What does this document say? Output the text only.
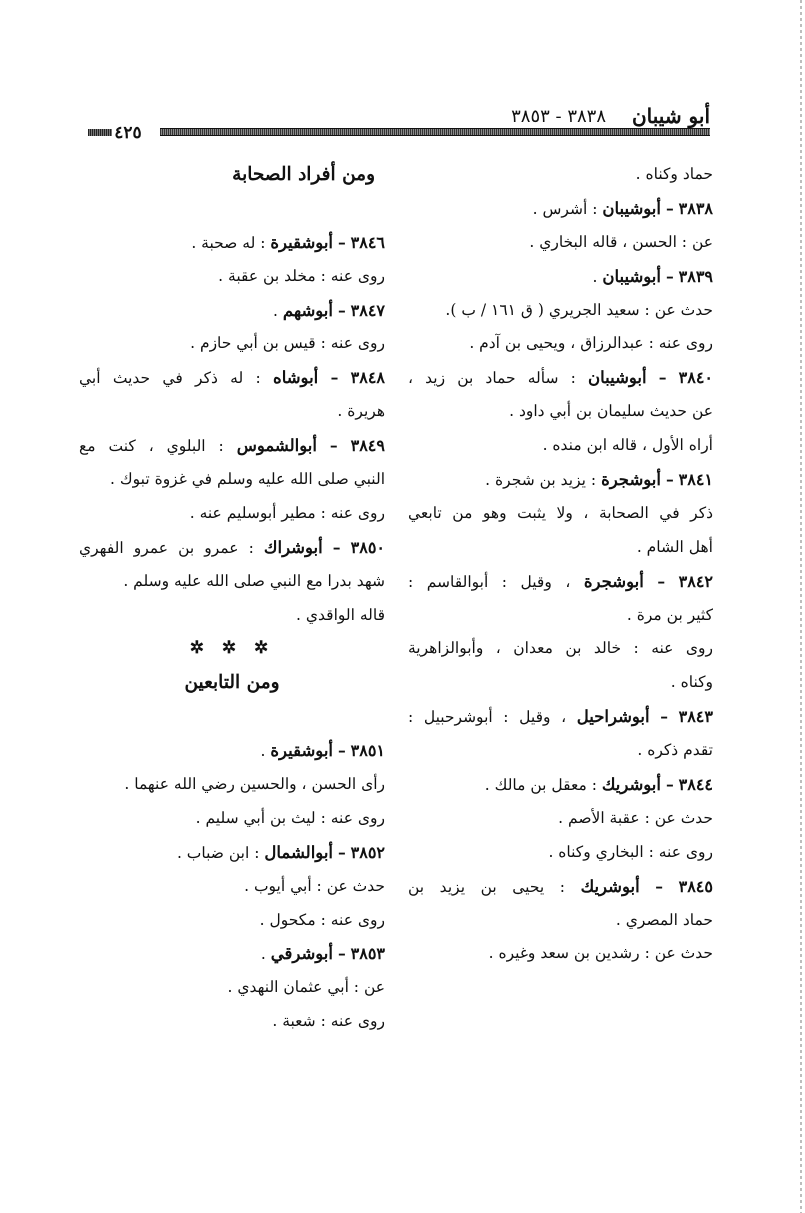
أبو شيبان
٣٨٣٨ - ٣٨٥٣
٤٢٥
حماد وكناه .
٣٨٣٨ – أبوشيبان : أشرس .
عن : الحسن ، قاله البخاري .
٣٨٣٩ – أبوشيبان .
حدث عن : سعيد الجريري ( ق ١٦١ / ب ).
روى عنه : عبدالرزاق ، ويحيى بن آدم .
٣٨٤٠ – أبوشيبان : سأله حماد بن زيد ،
عن حديث سليمان بن أبي داود .
أراه الأول ، قاله ابن منده .
٣٨٤١ – أبوشجرة : يزيد بن شجرة .
ذكر في الصحابة ، ولا يثبت وهو من تابعي
أهل الشام .
٣٨٤٢ – أبوشجرة ، وقيل : أبوالقاسم :
كثير بن مرة .
روى عنه : خالد بن معدان ، وأبوالزاهرية
وكناه .
٣٨٤٣ – أبوشراحيل ، وقيل : أبوشرحبيل :
تقدم ذكره .
٣٨٤٤ – أبوشريك : معقل بن مالك .
حدث عن : عقبة الأصم .
روى عنه : البخاري وكناه .
٣٨٤٥ – أبوشريك : يحيى بن يزيد بن
حماد المصري .
حدث عن : رشدين بن سعد وغيره .
ومن أفراد الصحابة
٣٨٤٦ – أبوشقيرة : له صحبة .
روى عنه : مخلد بن عقبة .
٣٨٤٧ – أبوشهم .
روى عنه : قيس بن أبي حازم .
٣٨٤٨ – أبوشاه : له ذكر في حديث أبي
هريرة .
٣٨٤٩ – أبوالشموس : البلوي ، كنت مع
النبي صلى الله عليه وسلم في غزوة تبوك .
روى عنه : مطير أبوسليم عنه .
٣٨٥٠ – أبوشراك : عمرو بن عمرو الفهري
شهد بدرا مع النبي صلى الله عليه وسلم .
قاله الواقدي .
✲ ✲ ✲
ومن التابعين
٣٨٥١ – أبوشقيرة .
رأى الحسن ، والحسين رضي الله عنهما .
روى عنه : ليث بن أبي سليم .
٣٨٥٢ – أبوالشمال : ابن ضباب .
حدث عن : أبي أيوب .
روى عنه : مكحول .
٣٨٥٣ – أبوشرقي .
عن : أبي عثمان النهدي .
روى عنه : شعبة .
